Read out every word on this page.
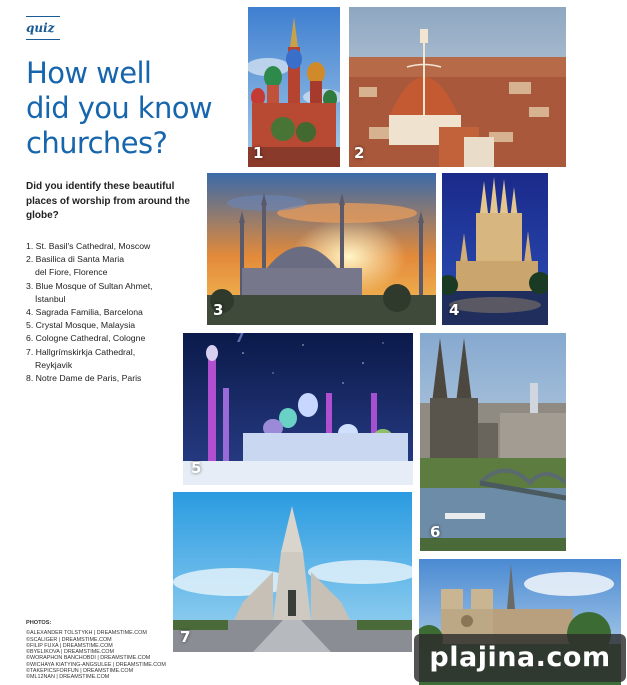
quiz
How well
did you know
churches?

Did you identify these beautiful places of worship from around the globe?

1. St. Basil's Cathedral, Moscow
2. Basilica di Santa Maria
del Fiore, Florence
3. Blue Mosque of Sultan Ahmet,
İstanbul
4. Sagrada Familia, Barcelona
5. Crystal Mosque, Malaysia
6. Cologne Cathedral, Cologne
7. Hallgrímskirkja Cathedral,
Reykjavik
8. Notre Dame de Paris, Paris
PHOTOS:
© ALEXANDER TOLSTYKH | DREAMSTIME.COM
© SCALIGER | DREAMSTIME.COM
© FILIP FUXA | DREAMSTIME.COM
© BYELIKOVA | DREAMSTIME.COM
© WORAPHON BANCHOBDI | DREAMSTIME.COM
© WICHAYA KIATYING-ANGSULEE | DREAMSTIME.COM
© TAKEPICSFORFUN | DREAMSTIME.COM
© ML12NAN | DREAMSTIME.COM
1	2
3	4
7
5
6
7
plajina.com
